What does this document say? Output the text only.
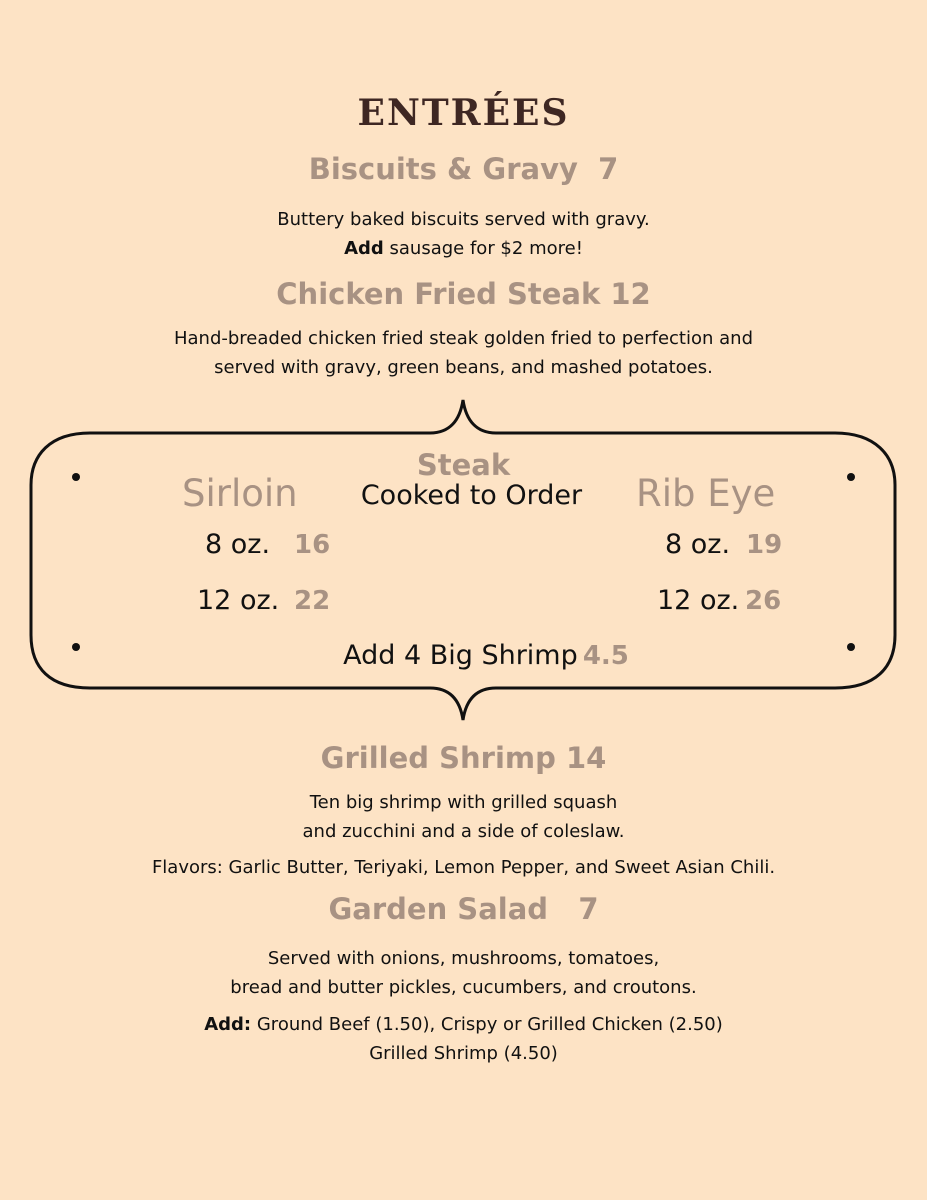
ENTRÉES
Biscuits & Gravy 7
Buttery baked biscuits served with gravy.
Add sausage for $2 more!
Chicken Fried Steak 12
Hand-breaded chicken fried steak golden fried to perfection and
served with gravy, green beans, and mashed potatoes.
Steak
Cooked to Order
Sirloin	Rib Eye
8 oz. 16
12 oz. 22
8 oz. 19
12 oz. 26
Add 4 Big Shrimp 4.5
Grilled Shrimp 14
Ten big shrimp with grilled squash
and zucchini and a side of coleslaw.
Flavors: Garlic Butter, Teriyaki, Lemon Pepper, and Sweet Asian Chili.
Garden Salad 7
Served with onions, mushrooms, tomatoes,
bread and butter pickles, cucumbers, and croutons.
Add: Ground Beef (1.50), Crispy or Grilled Chicken (2.50)
Grilled Shrimp (4.50)
